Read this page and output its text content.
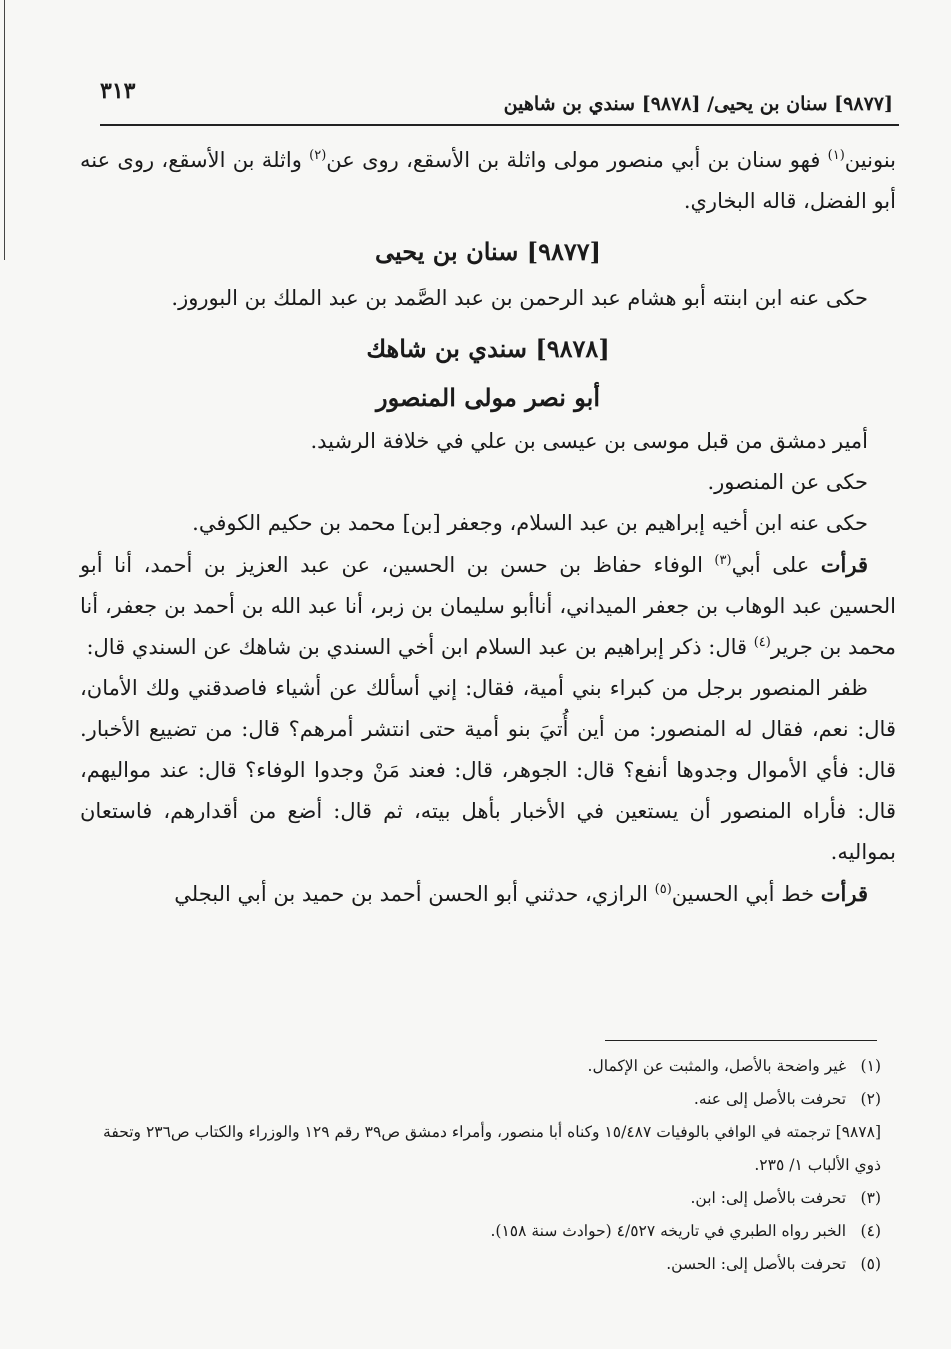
٣١٣	[٩٨٧٧] سنان بن يحيى/ [٩٨٧٨] سندي بن شاهين

بنونين$^{(١)}$ فهو سنان بن أبي منصور مولى واثلة بن الأسقع، روى عن$^{(٢)}$ واثلة بن الأسقع، روى عنه أبو الفضل، قاله البخاري.

[٩٨٧٧] سنان بن يحيى

حكى عنه ابن ابنته أبو هشام عبد الرحمن بن عبد الصَّمد بن عبد الملك بن البوروز.

[٩٨٧٨] سندي بن شاهك
أبو نصر مولى المنصور

أمير دمشق من قبل موسى بن عيسى بن علي في خلافة الرشيد.

حكى عن المنصور.

حكى عنه ابن أخيه إبراهيم بن عبد السلام، وجعفر [بن] محمد بن حكيم الكوفي.

قرأت على أبي$^{(٣)}$ الوفاء حفاظ بن حسن بن الحسين، عن عبد العزيز بن أحمد، أنا أبو الحسين عبد الوهاب بن جعفر الميداني، أناأبو سليمان بن زبر، أنا عبد الله بن أحمد بن جعفر، أنا محمد بن جرير$^{(٤)}$ قال: ذكر إبراهيم بن عبد السلام ابن أخي السندي بن شاهك عن السندي قال:

ظفر المنصور برجل من كبراء بني أمية، فقال: إني أسألك عن أشياء فاصدقني ولك الأمان، قال: نعم، فقال له المنصور: من أين أُتيَ بنو أمية حتى انتشر أمرهم؟ قال: من تضييع الأخبار. قال: فأي الأموال وجدوها أنفع؟ قال: الجوهر، قال: فعند مَنْ وجدوا الوفاء؟ قال: عند مواليهم، قال: فأراه المنصور أن يستعين في الأخبار بأهل بيته، ثم قال: أضع من أقدارهم، فاستعان بمواليه.

قرأت خط أبي الحسين$^{(٥)}$ الرازي، حدثني أبو الحسن أحمد بن حميد بن أبي البجلي

(١) غير واضحة بالأصل، والمثبت عن الإكمال.

(٢) تحرفت بالأصل إلى عنه.

[٩٨٧٨] ترجمته في الوافي بالوفيات ١٥/٤٨٧ وكناه أبا منصور، وأمراء دمشق ص٣٩ رقم ١٢٩ والوزراء والكتاب ص٢٣٦ وتحفة ذوي الألباب ١/ ٢٣٥.

(٣) تحرفت بالأصل إلى: ابن.

(٤) الخبر رواه الطبري في تاريخه ٤/٥٢٧ (حوادث سنة ١٥٨).

(٥) تحرفت بالأصل إلى: الحسن.
